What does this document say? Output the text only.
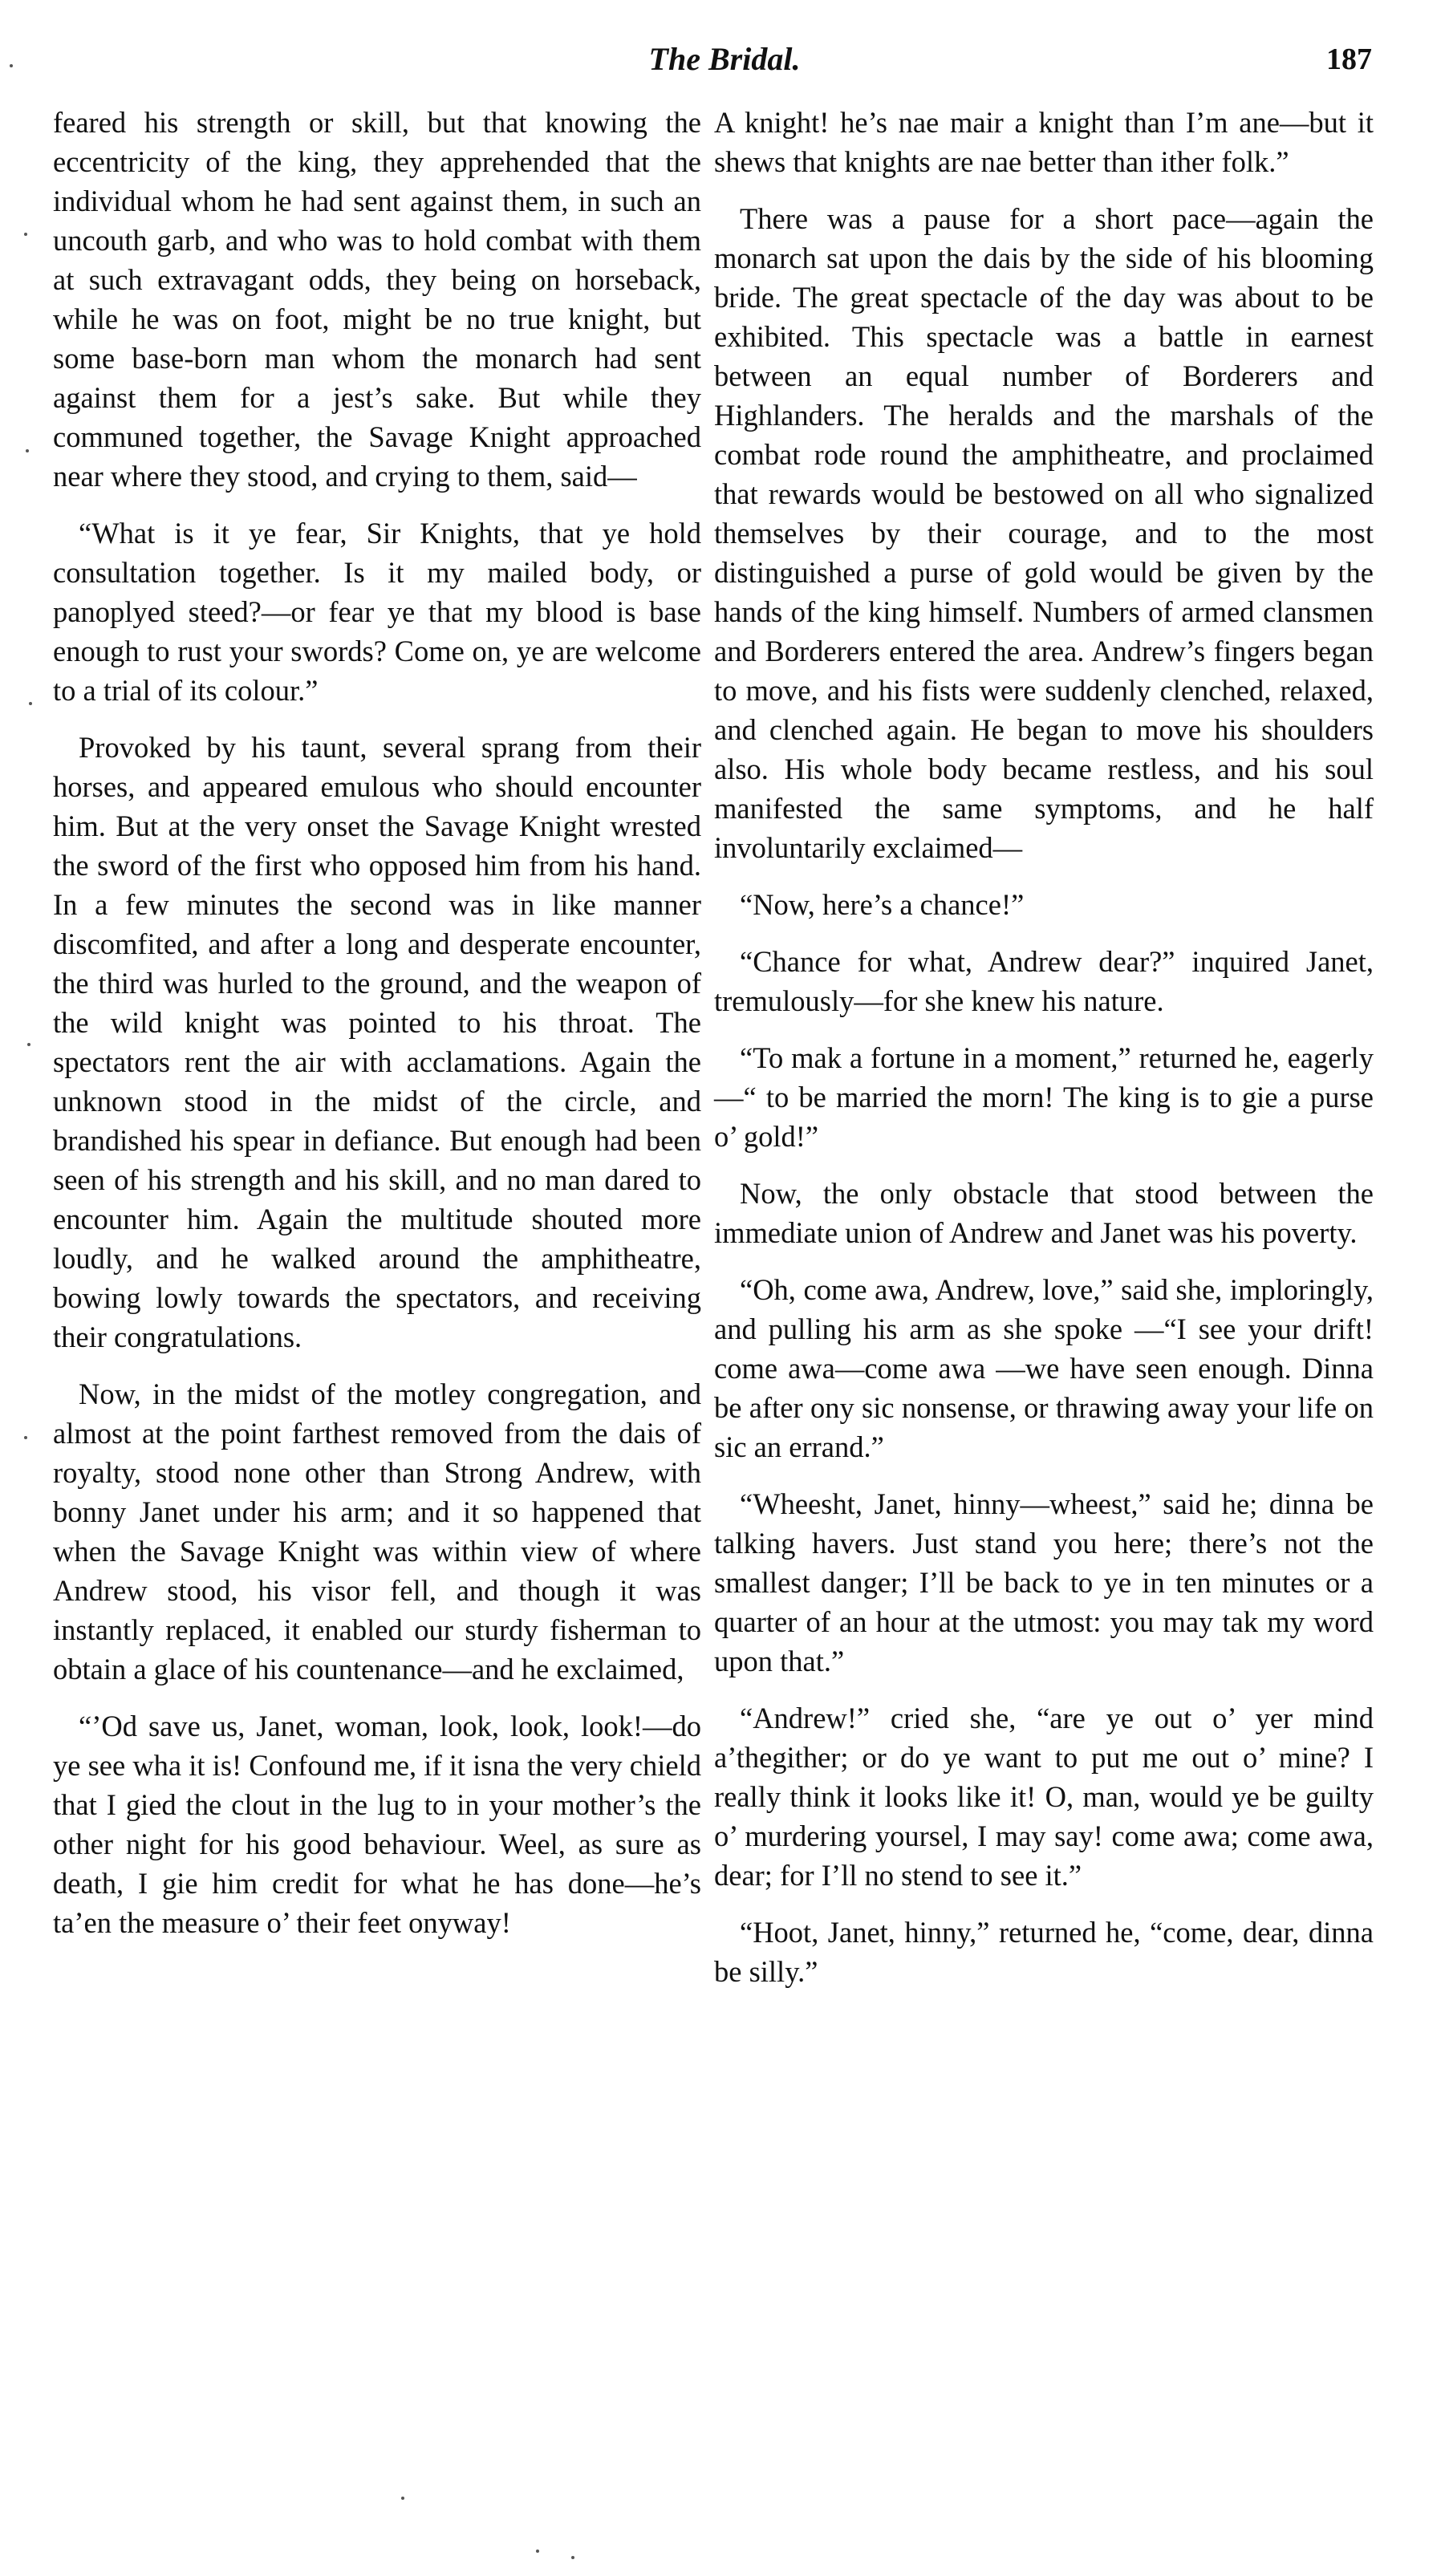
The Bridal.	187

feared his strength or skill, but that knowing the eccentricity of the king, they apprehended that the individual whom he had sent against them, in such an uncouth garb, and who was to hold combat with them at such extravagant odds, they being on horseback, while he was on foot, might be no true knight, but some base-born man whom the monarch had sent against them for a jest’s sake. But while they communed together, the Savage Knight approached near where they stood, and crying to them, said—

“What is it ye fear, Sir Knights, that ye hold consultation together. Is it my mailed body, or panoplyed steed?—or fear ye that my blood is base enough to rust your swords? Come on, ye are welcome to a trial of its colour.”

Provoked by his taunt, several sprang from their horses, and appeared emulous who should encounter him. But at the very onset the Savage Knight wrested the sword of the first who opposed him from his hand. In a few minutes the second was in like manner discomfited, and after a long and desperate encounter, the third was hurled to the ground, and the weapon of the wild knight was pointed to his throat. The spectators rent the air with acclamations. Again the unknown stood in the midst of the circle, and brandished his spear in defiance. But enough had been seen of his strength and his skill, and no man dared to encounter him. Again the multitude shouted more loudly, and he walked around the amphitheatre, bowing lowly towards the spectators, and receiving their congratulations.

Now, in the midst of the motley congregation, and almost at the point farthest removed from the dais of royalty, stood none other than Strong Andrew, with bonny Janet under his arm; and it so happened that when the Savage Knight was within view of where Andrew stood, his visor fell, and though it was instantly replaced, it enabled our sturdy fisherman to obtain a glace of his countenance—and he exclaimed,

“’Od save us, Janet, woman, look, look, look!—do ye see wha it is! Confound me, if it isna the very chield that I gied the clout in the lug to in your mother’s the other night for his good behaviour. Weel, as sure as death, I gie him credit for what he has done—he’s ta’en the measure o’ their feet onyway!

A knight! he’s nae mair a knight than I’m ane—but it shews that knights are nae better than ither folk.”

There was a pause for a short pace—again the monarch sat upon the dais by the side of his blooming bride. The great spectacle of the day was about to be exhibited. This spectacle was a battle in earnest between an equal number of Borderers and Highlanders. The heralds and the marshals of the combat rode round the amphitheatre, and proclaimed that rewards would be bestowed on all who signalized themselves by their courage, and to the most distinguished a purse of gold would be given by the hands of the king himself. Numbers of armed clansmen and Borderers entered the area. Andrew’s fingers began to move, and his fists were suddenly clenched, relaxed, and clenched again. He began to move his shoulders also. His whole body became restless, and his soul manifested the same symptoms, and he half involuntarily exclaimed—

“Now, here’s a chance!”

“Chance for what, Andrew dear?” inquired Janet, tremulously—for she knew his nature.

“To mak a fortune in a moment,” returned he, eagerly—“ to be married the morn! The king is to gie a purse o’ gold!”

Now, the only obstacle that stood between the immediate union of Andrew and Janet was his poverty.

“Oh, come awa, Andrew, love,” said she, imploringly, and pulling his arm as she spoke —“I see your drift! come awa—come awa —we have seen enough. Dinna be after ony sic nonsense, or thrawing away your life on sic an errand.”

“Wheesht, Janet, hinny—wheest,” said he; dinna be talking havers. Just stand you here; there’s not the smallest danger; I’ll be back to ye in ten minutes or a quarter of an hour at the utmost: you may tak my word upon that.”

“Andrew!” cried she, “are ye out o’ yer mind a’thegither; or do ye want to put me out o’ mine? I really think it looks like it! O, man, would ye be guilty o’ murdering yoursel, I may say! come awa; come awa, dear; for I’ll no stend to see it.”

“Hoot, Janet, hinny,” returned he, “come, dear, dinna be silly.”
